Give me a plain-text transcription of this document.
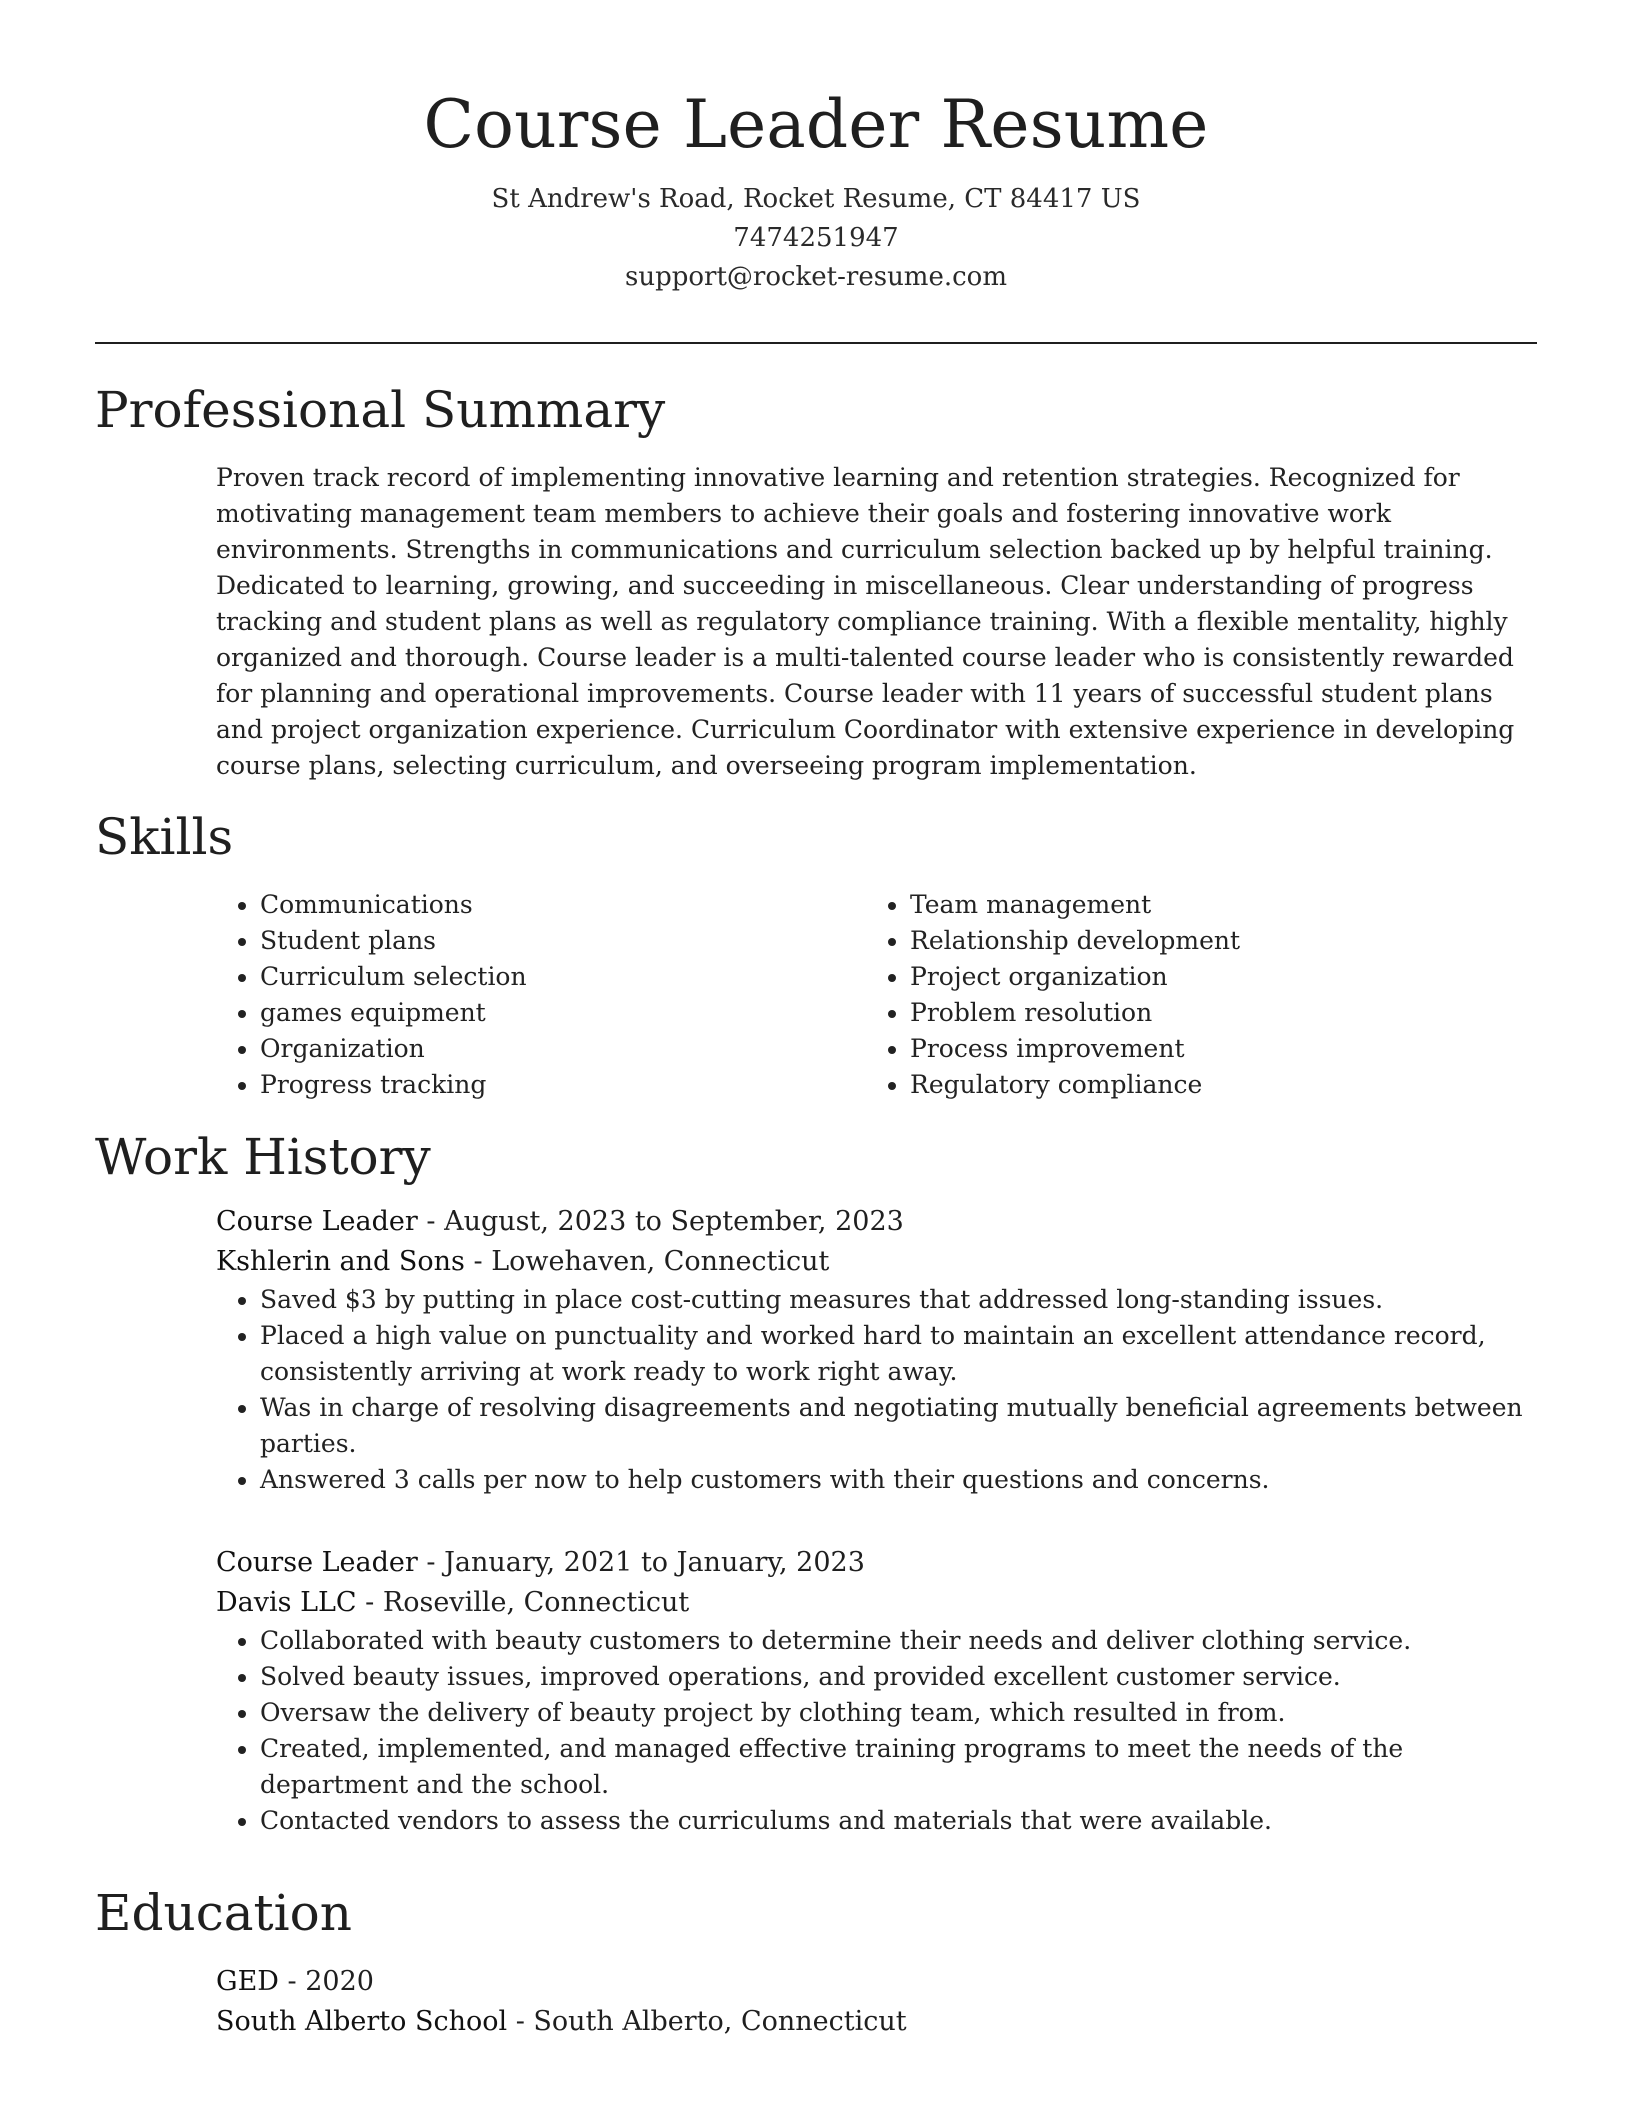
Course Leader Resume
St Andrew's Road, Rocket Resume, CT 84417 US
7474251947
support@rocket-resume.com
Professional Summary

Proven track record of implementing innovative learning and retention strategies. Recognized for motivating management team members to achieve their goals and fostering innovative work environments. Strengths in communications and curriculum selection backed up by helpful training. Dedicated to learning, growing, and succeeding in miscellaneous. Clear understanding of progress tracking and student plans as well as regulatory compliance training. With a flexible mentality, highly organized and thorough. Course leader is a multi-talented course leader who is consistently rewarded for planning and operational improvements. Course leader with 11 years of successful student plans and project organization experience. Curriculum Coordinator with extensive experience in developing course plans, selecting curriculum, and overseeing program implementation.

Skills
• Communications
• Student plans
• Curriculum selection
• games equipment
• Organization
• Progress tracking
• Team management
• Relationship development
• Project organization
• Problem resolution
• Process improvement
• Regulatory compliance
Work History
Course Leader - August, 2023 to September, 2023
Kshlerin and Sons - Lowehaven, Connecticut
• Saved $3 by putting in place cost-cutting measures that addressed long-standing issues.
• Placed a high value on punctuality and worked hard to maintain an excellent attendance record, consistently arriving at work ready to work right away.
• Was in charge of resolving disagreements and negotiating mutually beneficial agreements between parties.
• Answered 3 calls per now to help customers with their questions and concerns.
Course Leader - January, 2021 to January, 2023
Davis LLC - Roseville, Connecticut
• Collaborated with beauty customers to determine their needs and deliver clothing service.
• Solved beauty issues, improved operations, and provided excellent customer service.
• Oversaw the delivery of beauty project by clothing team, which resulted in from.
• Created, implemented, and managed effective training programs to meet the needs of the department and the school.
• Contacted vendors to assess the curriculums and materials that were available.
Education
GED - 2020
South Alberto School - South Alberto, Connecticut
